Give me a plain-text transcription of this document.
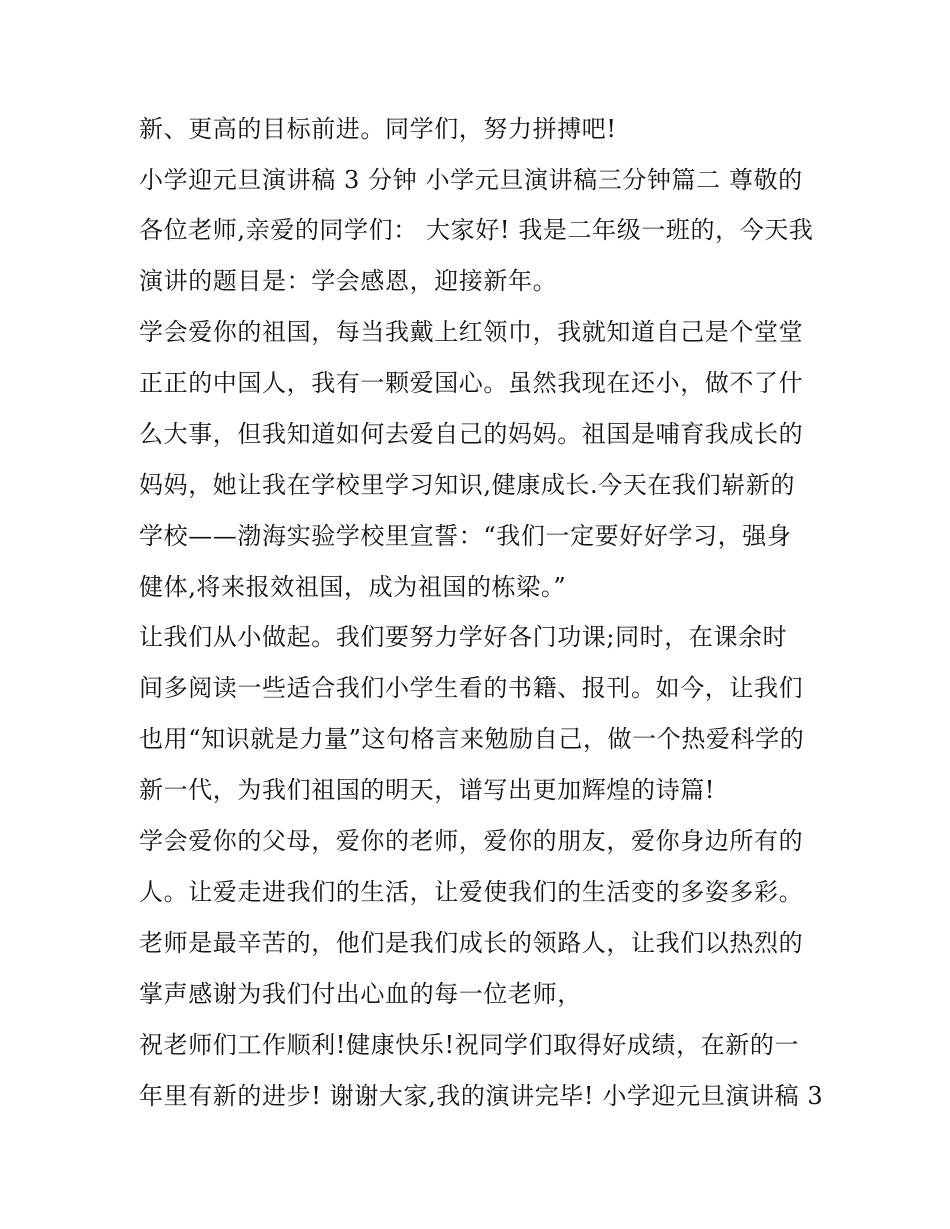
新、更高的目标前进。同学们，努力拼搏吧!
小学迎元旦演讲稿 3 分钟 小学元旦演讲稿三分钟篇二 尊敬的
各位老师,亲爱的同学们： 大家好! 我是二年级一班的，今天我
演讲的题目是：学会感恩，迎接新年。
学会爱你的祖国，每当我戴上红领巾，我就知道自己是个堂堂
正正的中国人，我有一颗爱国心。虽然我现在还小，做不了什
么大事，但我知道如何去爱自己的妈妈。祖国是哺育我成长的
妈妈，她让我在学校里学习知识,健康成长.今天在我们崭新的
学校——渤海实验学校里宣誓：“我们一定要好好学习，强身
健体,将来报效祖国，成为祖国的栋梁。”
让我们从小做起。我们要努力学好各门功课;同时，在课余时
间多阅读一些适合我们小学生看的书籍、报刊。如今，让我们
也用“知识就是力量”这句格言来勉励自己，做一个热爱科学的
新一代，为我们祖国的明天，谱写出更加辉煌的诗篇!
学会爱你的父母，爱你的老师，爱你的朋友，爱你身边所有的
人。让爱走进我们的生活，让爱使我们的生活变的多姿多彩。
老师是最辛苦的，他们是我们成长的领路人，让我们以热烈的
掌声感谢为我们付出心血的每一位老师，
祝老师们工作顺利!健康快乐!祝同学们取得好成绩，在新的一
年里有新的进步! 谢谢大家,我的演讲完毕! 小学迎元旦演讲稿 3
